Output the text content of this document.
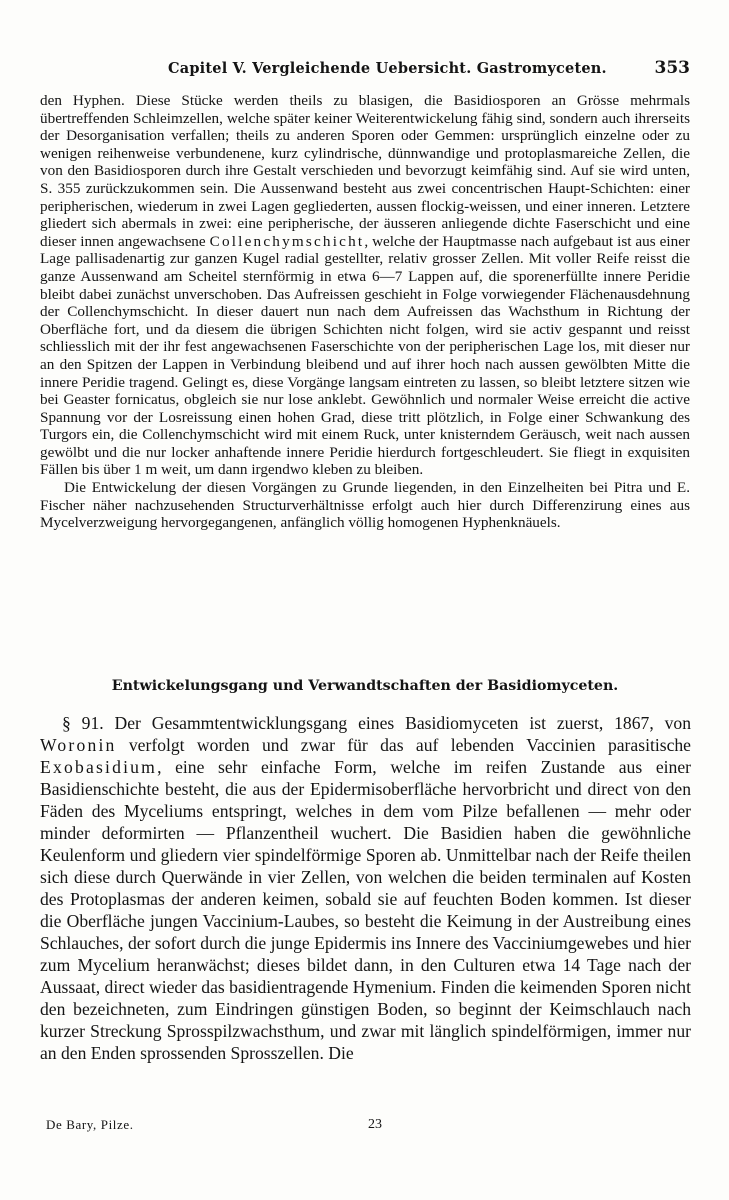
Capitel V. Vergleichende Uebersicht. Gastromyceten.	353

den Hyphen. Diese Stücke werden theils zu blasigen, die Basidiosporen an Grösse mehrmals übertreffenden Schleimzellen, welche später keiner Weiterentwickelung fähig sind, sondern auch ihrerseits der Desorganisation verfallen; theils zu anderen Sporen oder Gemmen: ursprünglich einzelne oder zu wenigen reihenweise verbundenene, kurz cylindrische, dünnwandige und protoplasmareiche Zellen, die von den Basidiosporen durch ihre Gestalt verschieden und bevorzugt keimfähig sind. Auf sie wird unten, S. 355 zurückzukommen sein. Die Aussenwand besteht aus zwei concentrischen Haupt-Schichten: einer peripherischen, wiederum in zwei Lagen gegliederten, aussen flockig-weissen, und einer inneren. Letztere gliedert sich abermals in zwei: eine peripherische, der äusseren anliegende dichte Faserschicht und eine dieser innen angewachsene Collenchymschicht, welche der Hauptmasse nach aufgebaut ist aus einer Lage pallisadenartig zur ganzen Kugel radial gestellter, relativ grosser Zellen. Mit voller Reife reisst die ganze Aussenwand am Scheitel sternförmig in etwa 6—7 Lappen auf, die sporenerfüllte innere Peridie bleibt dabei zunächst unverschoben. Das Aufreissen geschieht in Folge vorwiegender Flächenausdehnung der Collenchymschicht. In dieser dauert nun nach dem Aufreissen das Wachsthum in Richtung der Oberfläche fort, und da diesem die übrigen Schichten nicht folgen, wird sie activ gespannt und reisst schliesslich mit der ihr fest angewachsenen Faserschichte von der peripherischen Lage los, mit dieser nur an den Spitzen der Lappen in Verbindung bleibend und auf ihrer hoch nach aussen gewölbten Mitte die innere Peridie tragend. Gelingt es, diese Vorgänge langsam eintreten zu lassen, so bleibt letztere sitzen wie bei Geaster fornicatus, obgleich sie nur lose anklebt. Gewöhnlich und normaler Weise erreicht die active Spannung vor der Losreissung einen hohen Grad, diese tritt plötzlich, in Folge einer Schwankung des Turgors ein, die Collenchymschicht wird mit einem Ruck, unter knisterndem Geräusch, weit nach aussen gewölbt und die nur locker anhaftende innere Peridie hierdurch fortgeschleudert. Sie fliegt in exquisiten Fällen bis über 1 m weit, um dann irgendwo kleben zu bleiben.

Die Entwickelung der diesen Vorgängen zu Grunde liegenden, in den Einzelheiten bei Pitra und E. Fischer näher nachzusehenden Structurverhältnisse erfolgt auch hier durch Differenzirung eines aus Mycelverzweigung hervorgegangenen, anfänglich völlig homogenen Hyphenknäuels.

Entwickelungsgang und Verwandtschaften der Basidiomyceten.

§ 91. Der Gesammtentwicklungsgang eines Basidiomyceten ist zuerst, 1867, von Woronin verfolgt worden und zwar für das auf lebenden Vaccinien parasitische Exobasidium, eine sehr einfache Form, welche im reifen Zustande aus einer Basidienschichte besteht, die aus der Epidermisoberfläche hervorbricht und direct von den Fäden des Myceliums entspringt, welches in dem vom Pilze befallenen — mehr oder minder deformirten — Pflanzentheil wuchert. Die Basidien haben die gewöhnliche Keulenform und gliedern vier spindelförmige Sporen ab. Unmittelbar nach der Reife theilen sich diese durch Querwände in vier Zellen, von welchen die beiden terminalen auf Kosten des Protoplasmas der anderen keimen, sobald sie auf feuchten Boden kommen. Ist dieser die Oberfläche jungen Vaccinium-Laubes, so besteht die Keimung in der Austreibung eines Schlauches, der sofort durch die junge Epidermis ins Innere des Vacciniumgewebes und hier zum Mycelium heranwächst; dieses bildet dann, in den Culturen etwa 14 Tage nach der Aussaat, direct wieder das basidientragende Hymenium. Finden die keimenden Sporen nicht den bezeichneten, zum Eindringen günstigen Boden, so beginnt der Keimschlauch nach kurzer Streckung Sprosspilzwachsthum, und zwar mit länglich spindelförmigen, immer nur an den Enden sprossenden Sprosszellen. Die

De Bary, Pilze.	23
